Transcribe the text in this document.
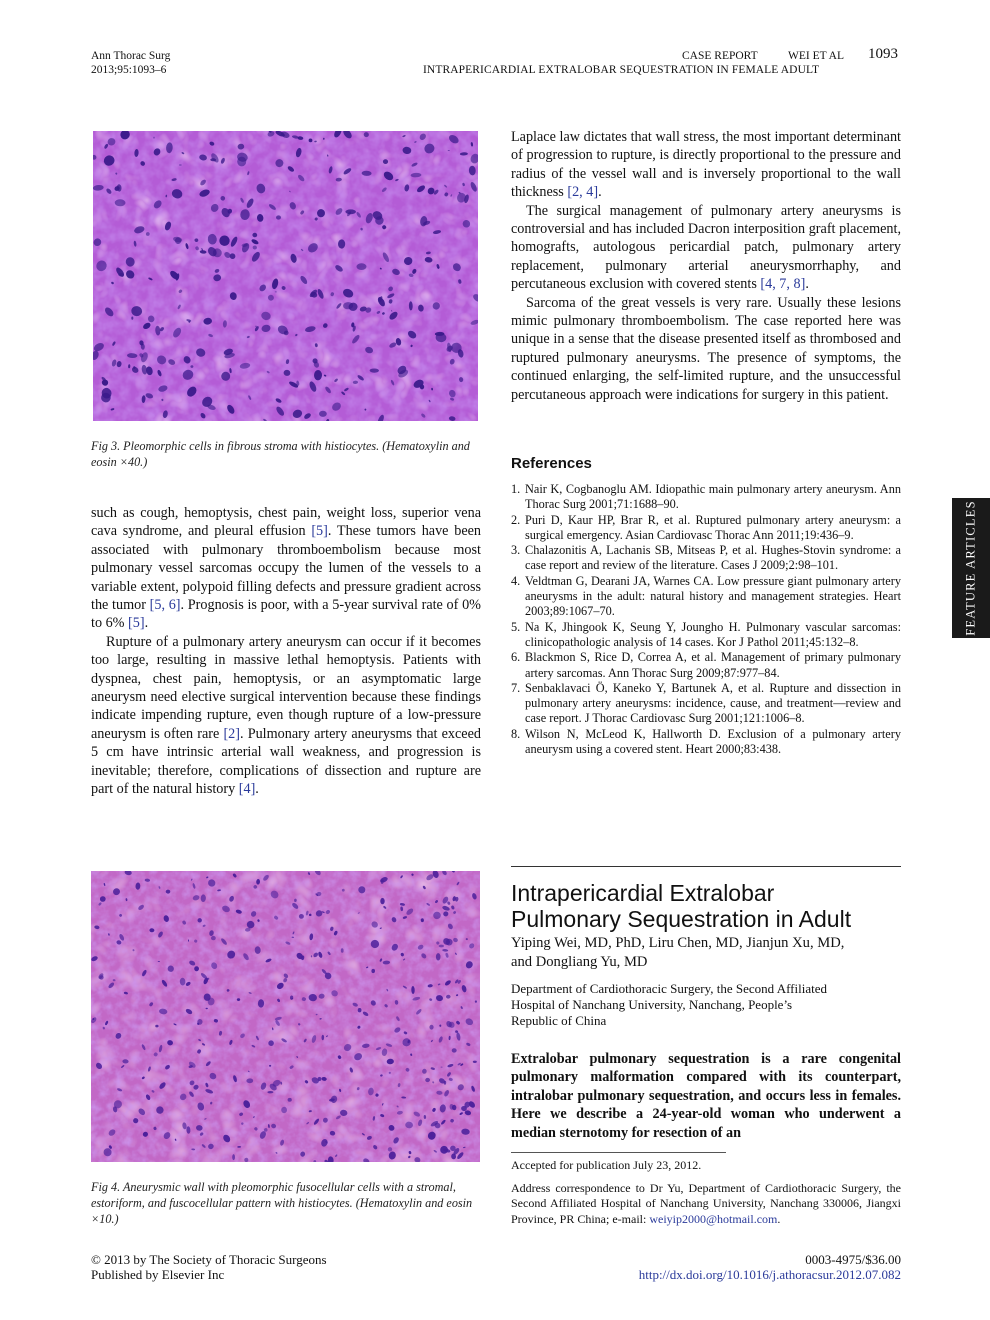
Ann Thorac Surg
2013;95:1093–6
CASE REPORT	WEI ET AL 1093
INTRAPERICARDIAL EXTRALOBAR SEQUESTRATION IN FEMALE ADULT
FEATURE ARTICLES
Fig 3. Pleomorphic cells in fibrous stroma with histiocytes. (Hematoxylin and eosin ×40.)

such as cough, hemoptysis, chest pain, weight loss, superior vena cava syndrome, and pleural effusion [5]. These tumors have been associated with pulmonary thromboembolism because most pulmonary vessel sarcomas occupy the lumen of the vessels to a variable extent, polypoid filling defects and pressure gradient across the tumor [5, 6]. Prognosis is poor, with a 5-year survival rate of 0% to 6% [5].

Rupture of a pulmonary artery aneurysm can occur if it becomes too large, resulting in massive lethal hemoptysis. Patients with dyspnea, chest pain, hemoptysis, or an asymptomatic large aneurysm need elective surgical intervention because these findings indicate impending rupture, even though rupture of a low-pressure aneurysm is often rare [2]. Pulmonary artery aneurysms that exceed 5 cm have intrinsic arterial wall weakness, and progression is inevitable; therefore, complications of dissection and rupture are part of the natural history [4].

Fig 4. Aneurysmic wall with pleomorphic fusocellular cells with a stromal, estoriform, and fuscocellular pattern with histiocytes. (Hematoxylin and eosin ×10.)

Laplace law dictates that wall stress, the most important determinant of progression to rupture, is directly proportional to the pressure and radius of the vessel wall and is inversely proportional to the wall thickness [2, 4].

The surgical management of pulmonary artery aneurysms is controversial and has included Dacron interposition graft placement, homografts, autologous pericardial patch, pulmonary artery replacement, pulmonary arterial aneurysmorrhaphy, and percutaneous exclusion with covered stents [4, 7, 8].

Sarcoma of the great vessels is very rare. Usually these lesions mimic pulmonary thromboembolism. The case reported here was unique in a sense that the disease presented itself as thrombosed and ruptured pulmonary aneurysms. The presence of symptoms, the continued enlarging, the self-limited rupture, and the unsuccessful percutaneous approach were indications for surgery in this patient.

References
1. Nair K, Cogbanoglu AM. Idiopathic main pulmonary artery aneurysm. Ann Thorac Surg 2001;71:1688–90.
2. Puri D, Kaur HP, Brar R, et al. Ruptured pulmonary artery aneurysm: a surgical emergency. Asian Cardiovasc Thorac Ann 2011;19:436–9.
3. Chalazonitis A, Lachanis SB, Mitseas P, et al. Hughes-Stovin syndrome: a case report and review of the literature. Cases J 2009;2:98–101.
4. Veldtman G, Dearani JA, Warnes CA. Low pressure giant pulmonary artery aneurysms in the adult: natural history and management strategies. Heart 2003;89:1067–70.
5. Na K, Jhingook K, Seung Y, Joungho H. Pulmonary vascular sarcomas: clinicopathologic analysis of 14 cases. Kor J Pathol 2011;45:132–8.
6. Blackmon S, Rice D, Correa A, et al. Management of primary pulmonary artery sarcomas. Ann Thorac Surg 2009;87:977–84.
7. Senbaklavaci Ö, Kaneko Y, Bartunek A, et al. Rupture and dissection in pulmonary artery aneurysms: incidence, cause, and treatment—review and case report. J Thorac Cardiovasc Surg 2001;121:1006–8.
8. Wilson N, McLeod K, Hallworth D. Exclusion of a pulmonary artery aneurysm using a covered stent. Heart 2000;83:438.
Intrapericardial Extralobar
Pulmonary Sequestration in Adult
Yiping Wei, MD, PhD, Liru Chen, MD, Jianjun Xu, MD,
and Dongliang Yu, MD
Department of Cardiothoracic Surgery, the Second Affiliated
Hospital of Nanchang University, Nanchang, People’s
Republic of China
Extralobar pulmonary sequestration is a rare congenital pulmonary malformation compared with its counterpart, intralobar pulmonary sequestration, and occurs less in females. Here we describe a 24-year-old woman who underwent a median sternotomy for resection of an
Accepted for publication July 23, 2012.
Address correspondence to Dr Yu, Department of Cardiothoracic Surgery, the Second Affiliated Hospital of Nanchang University, Nanchang 330006, Jiangxi Province, PR China; e-mail: weiyip2000@hotmail.com.
© 2013 by The Society of Thoracic Surgeons
Published by Elsevier Inc
0003-4975/$36.00
http://dx.doi.org/10.1016/j.athoracsur.2012.07.082
